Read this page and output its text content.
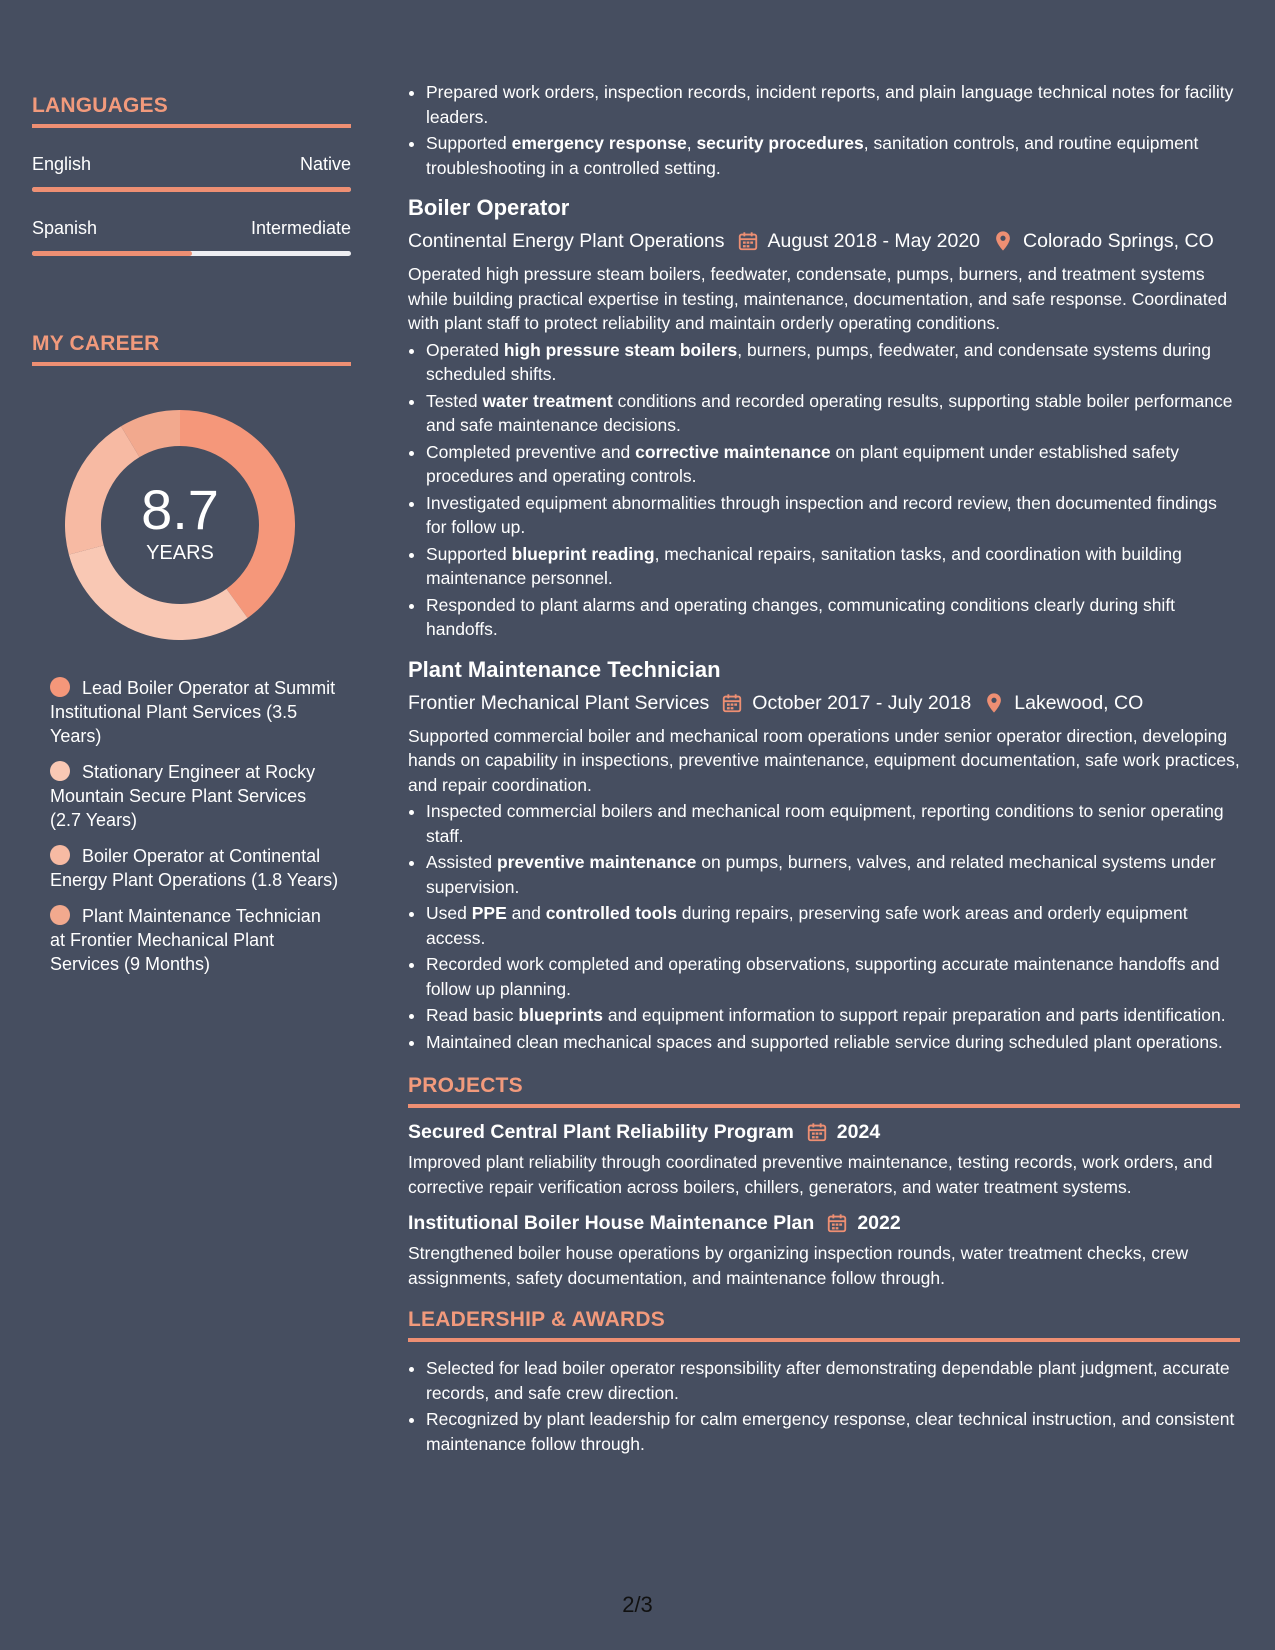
LANGUAGES
English	Native
Spanish	Intermediate
MY CAREER
8.7
YEARS
Lead Boiler Operator at Summit Institutional Plant Services (3.5 Years)
Stationary Engineer at Rocky Mountain Secure Plant Services (2.7 Years)
Boiler Operator at Continental Energy Plant Operations (1.8 Years)
Plant Maintenance Technician at Frontier Mechanical Plant Services (9 Months)
• Prepared work orders, inspection records, incident reports, and plain language technical notes for facility leaders.
• Supported emergency response, security procedures, sanitation controls, and routine equipment troubleshooting in a controlled setting.
Boiler Operator
Continental Energy Plant Operations August 2018 - May 2020 Colorado Springs, CO

Operated high pressure steam boilers, feedwater, condensate, pumps, burners, and treatment systems while building practical expertise in testing, maintenance, documentation, and safe response. Coordinated with plant staff to protect reliability and maintain orderly operating conditions.

• Operated high pressure steam boilers, burners, pumps, feedwater, and condensate systems during scheduled shifts.
• Tested water treatment conditions and recorded operating results, supporting stable boiler performance and safe maintenance decisions.
• Completed preventive and corrective maintenance on plant equipment under established safety procedures and operating controls.
• Investigated equipment abnormalities through inspection and record review, then documented findings for follow up.
• Supported blueprint reading, mechanical repairs, sanitation tasks, and coordination with building maintenance personnel.
• Responded to plant alarms and operating changes, communicating conditions clearly during shift handoffs.
Plant Maintenance Technician
Frontier Mechanical Plant Services October 2017 - July 2018 Lakewood, CO

Supported commercial boiler and mechanical room operations under senior operator direction, developing hands on capability in inspections, preventive maintenance, equipment documentation, safe work practices, and repair coordination.

• Inspected commercial boilers and mechanical room equipment, reporting conditions to senior operating staff.
• Assisted preventive maintenance on pumps, burners, valves, and related mechanical systems under supervision.
• Used PPE and controlled tools during repairs, preserving safe work areas and orderly equipment access.
• Recorded work completed and operating observations, supporting accurate maintenance handoffs and follow up planning.
• Read basic blueprints and equipment information to support repair preparation and parts identification.
• Maintained clean mechanical spaces and supported reliable service during scheduled plant operations.
PROJECTS
Secured Central Plant Reliability Program 2024

Improved plant reliability through coordinated preventive maintenance, testing records, work orders, and corrective repair verification across boilers, chillers, generators, and water treatment systems.

Institutional Boiler House Maintenance Plan 2022

Strengthened boiler house operations by organizing inspection rounds, water treatment checks, crew assignments, safety documentation, and maintenance follow through.

LEADERSHIP & AWARDS
• Selected for lead boiler operator responsibility after demonstrating dependable plant judgment, accurate records, and safe crew direction.
• Recognized by plant leadership for calm emergency response, clear technical instruction, and consistent maintenance follow through.
2/3
